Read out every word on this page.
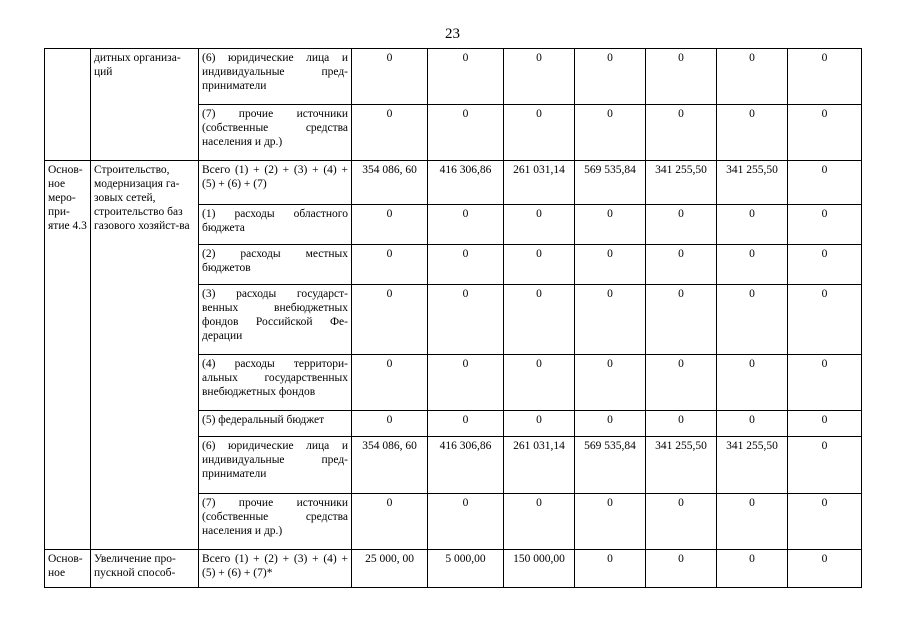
23
	дитных организа-ций	(6) юридические лица и индивидуальные пред-приниматели	0	0	0	0	0	0	0
		(7) прочие источники (собственные средства населения и др.)	0	0	0	0	0	0	0
Основ-ное меро-при-ятие 4.3	Строительство, модернизация га-зовых сетей, строительство баз газового хозяйст-ва	Всего (1) + (2) + (3) + (4) + (5) + (6) + (7)	354 086, 60	416 306,86	261 031,14	569 535,84	341 255,50	341 255,50	0
		(1) расходы областного бюджета	0	0	0	0	0	0	0
		(2) расходы местных бюджетов	0	0	0	0	0	0	0
		(3) расходы государст-венных внебюджетных фондов Российской Фе-дерации	0	0	0	0	0	0	0
		(4) расходы территори-альных государственных внебюджетных фондов	0	0	0	0	0	0	0
		(5) федеральный бюджет	0	0	0	0	0	0	0
		(6) юридические лица и индивидуальные пред-приниматели	354 086, 60	416 306,86	261 031,14	569 535,84	341 255,50	341 255,50	0
		(7) прочие источники (собственные средства населения и др.)	0	0	0	0	0	0	0
Основ-ное	Увеличение про-пускной способ-	Всего (1) + (2) + (3) + (4) + (5) + (6) + (7)*	25 000, 00	5 000,00	150 000,00	0	0	0	0
